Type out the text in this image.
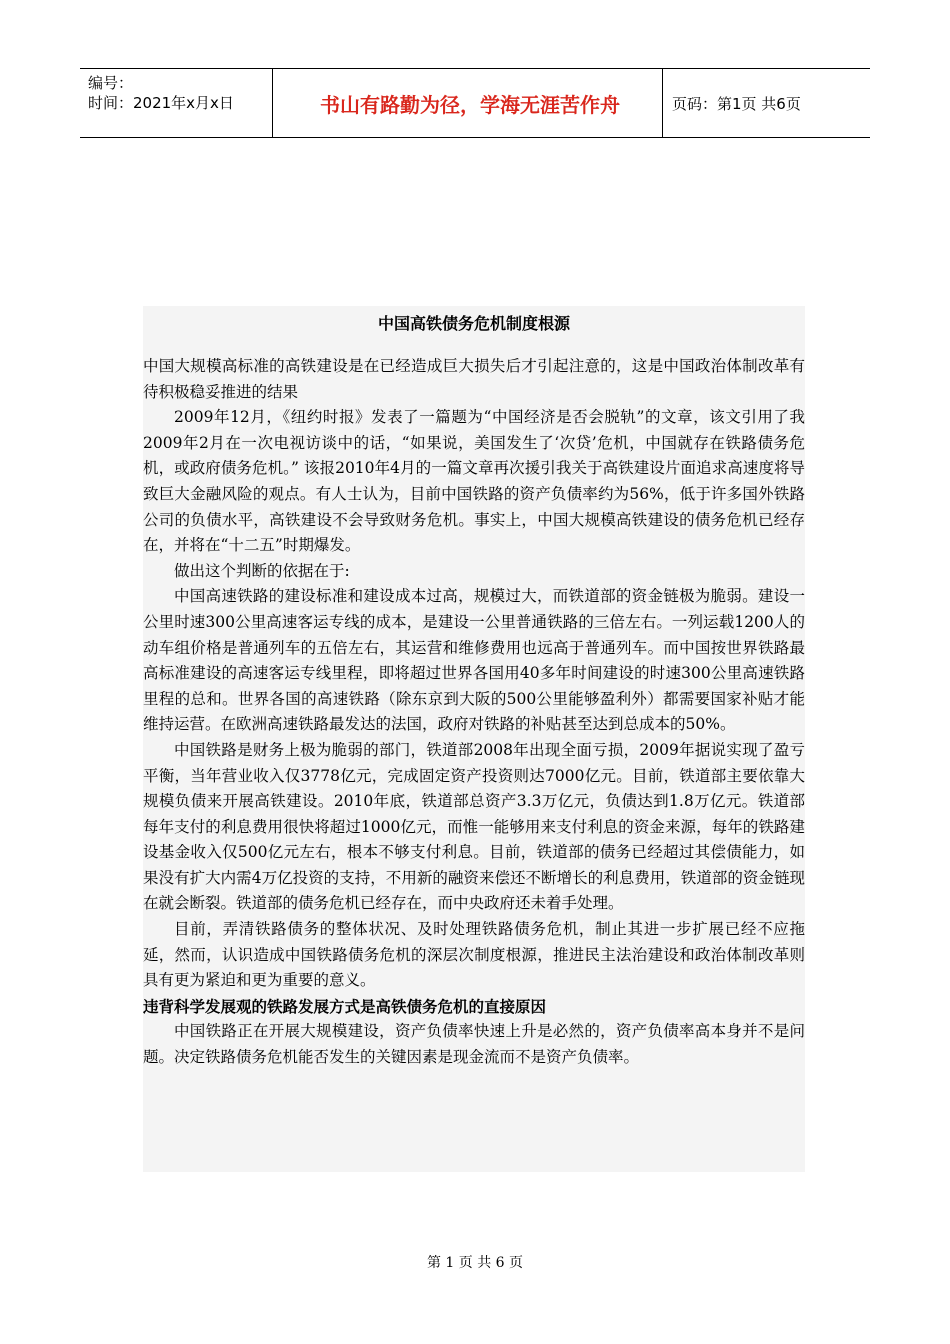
编号：
时间：2021年x月x日	书山有路勤为径，学海无涯苦作舟	页码：第1页 共6页
中国高铁债务危机制度根源

中国大规模高标准的高铁建设是在已经造成巨大损失后才引起注意的，这是中国政治体制改革有待积极稳妥推进的结果

2009年12月，《纽约时报》发表了一篇题为“中国经济是否会脱轨”的文章，该文引用了我2009年2月在一次电视访谈中的话，“如果说，美国发生了‘次贷’危机，中国就存在铁路债务危机，或政府债务危机。” 该报2010年4月的一篇文章再次援引我关于高铁建设片面追求高速度将导致巨大金融风险的观点。有人士认为，目前中国铁路的资产负债率约为56%，低于许多国外铁路公司的负债水平，高铁建设不会导致财务危机。事实上，中国大规模高铁建设的债务危机已经存在，并将在“十二五”时期爆发。

做出这个判断的依据在于:

中国高速铁路的建设标准和建设成本过高，规模过大，而铁道部的资金链极为脆弱。建设一公里时速300公里高速客运专线的成本，是建设一公里普通铁路的三倍左右。一列运载1200人的动车组价格是普通列车的五倍左右，其运营和维修费用也远高于普通列车。而中国按世界铁路最高标准建设的高速客运专线里程，即将超过世界各国用40多年时间建设的时速300公里高速铁路里程的总和。世界各国的高速铁路（除东京到大阪的500公里能够盈利外）都需要国家补贴才能维持运营。在欧洲高速铁路最发达的法国，政府对铁路的补贴甚至达到总成本的50%。

中国铁路是财务上极为脆弱的部门，铁道部2008年出现全面亏损，2009年据说实现了盈亏平衡，当年营业收入仅3778亿元，完成固定资产投资则达7000亿元。目前，铁道部主要依靠大规模负债来开展高铁建设。2010年底，铁道部总资产3.3万亿元，负债达到1.8万亿元。铁道部每年支付的利息费用很快将超过1000亿元，而惟一能够用来支付利息的资金来源，每年的铁路建设基金收入仅500亿元左右，根本不够支付利息。目前，铁道部的债务已经超过其偿债能力，如果没有扩大内需4万亿投资的支持，不用新的融资来偿还不断增长的利息费用，铁道部的资金链现在就会断裂。铁道部的债务危机已经存在，而中央政府还未着手处理。

目前，弄清铁路债务的整体状况、及时处理铁路债务危机，制止其进一步扩展已经不应拖延，然而，认识造成中国铁路债务危机的深层次制度根源，推进民主法治建设和政治体制改革则具有更为紧迫和更为重要的意义。

违背科学发展观的铁路发展方式是高铁债务危机的直接原因

中国铁路正在开展大规模建设，资产负债率快速上升是必然的，资产负债率高本身并不是问题。决定铁路债务危机能否发生的关键因素是现金流而不是资产负债率。

第 1 页 共 6 页
